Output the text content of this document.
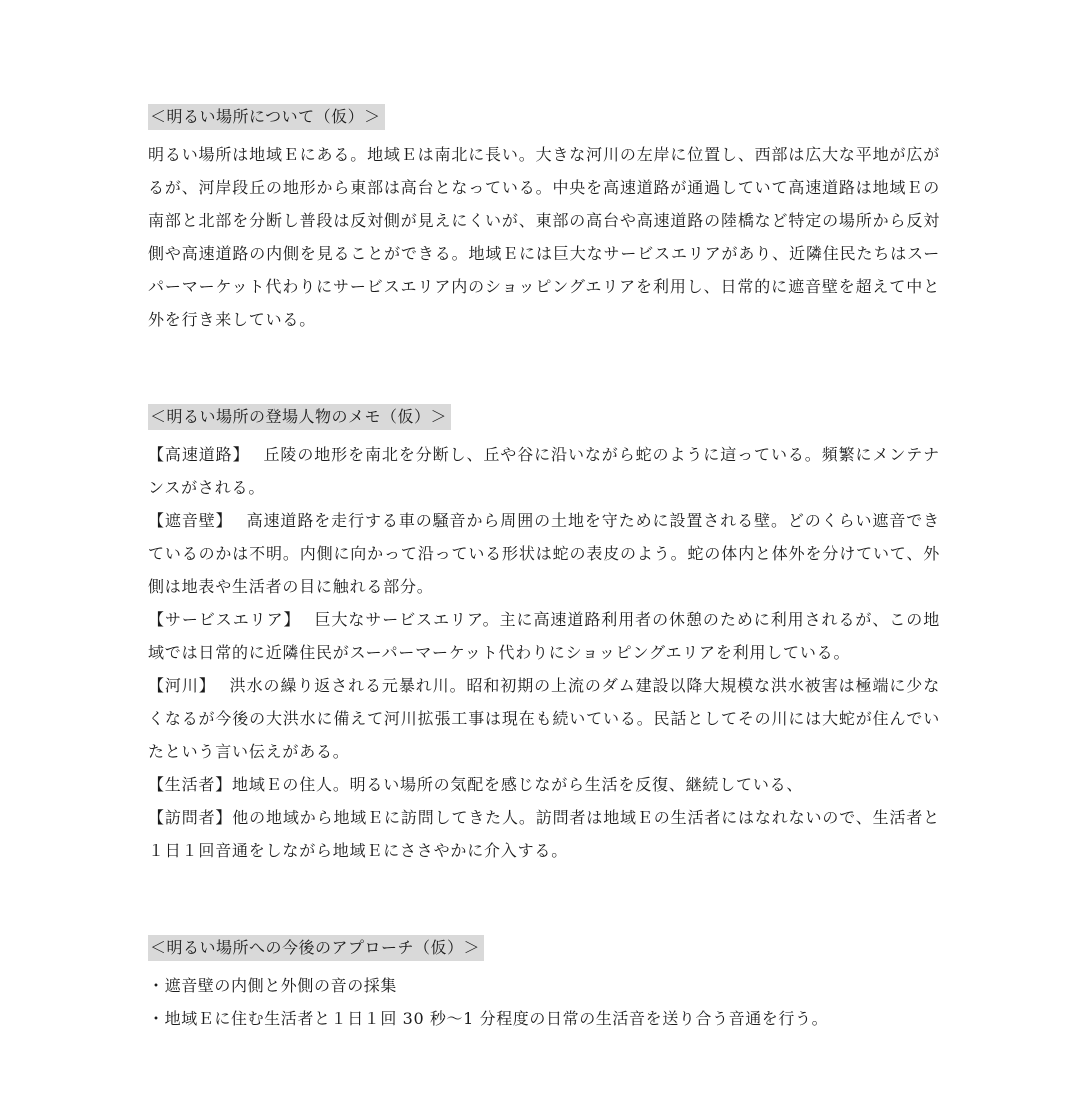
＜明るい場所について（仮）＞

明るい場所は地域Ｅにある。地域Ｅは南北に長い。大きな河川の左岸に位置し、西部は広大な平地が広がるが、河岸段丘の地形から東部は高台となっている。中央を高速道路が通過していて高速道路は地域Ｅの南部と北部を分断し普段は反対側が見えにくいが、東部の高台や高速道路の陸橋など特定の場所から反対側や高速道路の内側を見ることができる。地域Ｅには巨大なサービスエリアがあり、近隣住民たちはスーパーマーケット代わりにサービスエリア内のショッピングエリアを利用し、日常的に遮音壁を超えて中と外を行き来している。

＜明るい場所の登場人物のメモ（仮）＞

【高速道路】 丘陵の地形を南北を分断し、丘や谷に沿いながら蛇のように這っている。頻繁にメンテナンスがされる。

【遮音壁】 高速道路を走行する車の騒音から周囲の土地を守ために設置される壁。どのくらい遮音できているのかは不明。内側に向かって沿っている形状は蛇の表皮のよう。蛇の体内と体外を分けていて、外側は地表や生活者の目に触れる部分。

【サービスエリア】 巨大なサービスエリア。主に高速道路利用者の休憩のために利用されるが、この地域では日常的に近隣住民がスーパーマーケット代わりにショッピングエリアを利用している。

【河川】 洪水の繰り返される元暴れ川。昭和初期の上流のダム建設以降大規模な洪水被害は極端に少なくなるが今後の大洪水に備えて河川拡張工事は現在も続いている。民話としてその川には大蛇が住んでいたという言い伝えがある。

【生活者】地域Ｅの住人。明るい場所の気配を感じながら生活を反復、継続している、

【訪問者】他の地域から地域Ｅに訪問してきた人。訪問者は地域Ｅの生活者にはなれないので、生活者と１日１回音通をしながら地域Ｅにささやかに介入する。

＜明るい場所への今後のアプローチ（仮）＞

・遮音壁の内側と外側の音の採集

・地域Ｅに住む生活者と１日１回 30 秒〜1 分程度の日常の生活音を送り合う音通を行う。
